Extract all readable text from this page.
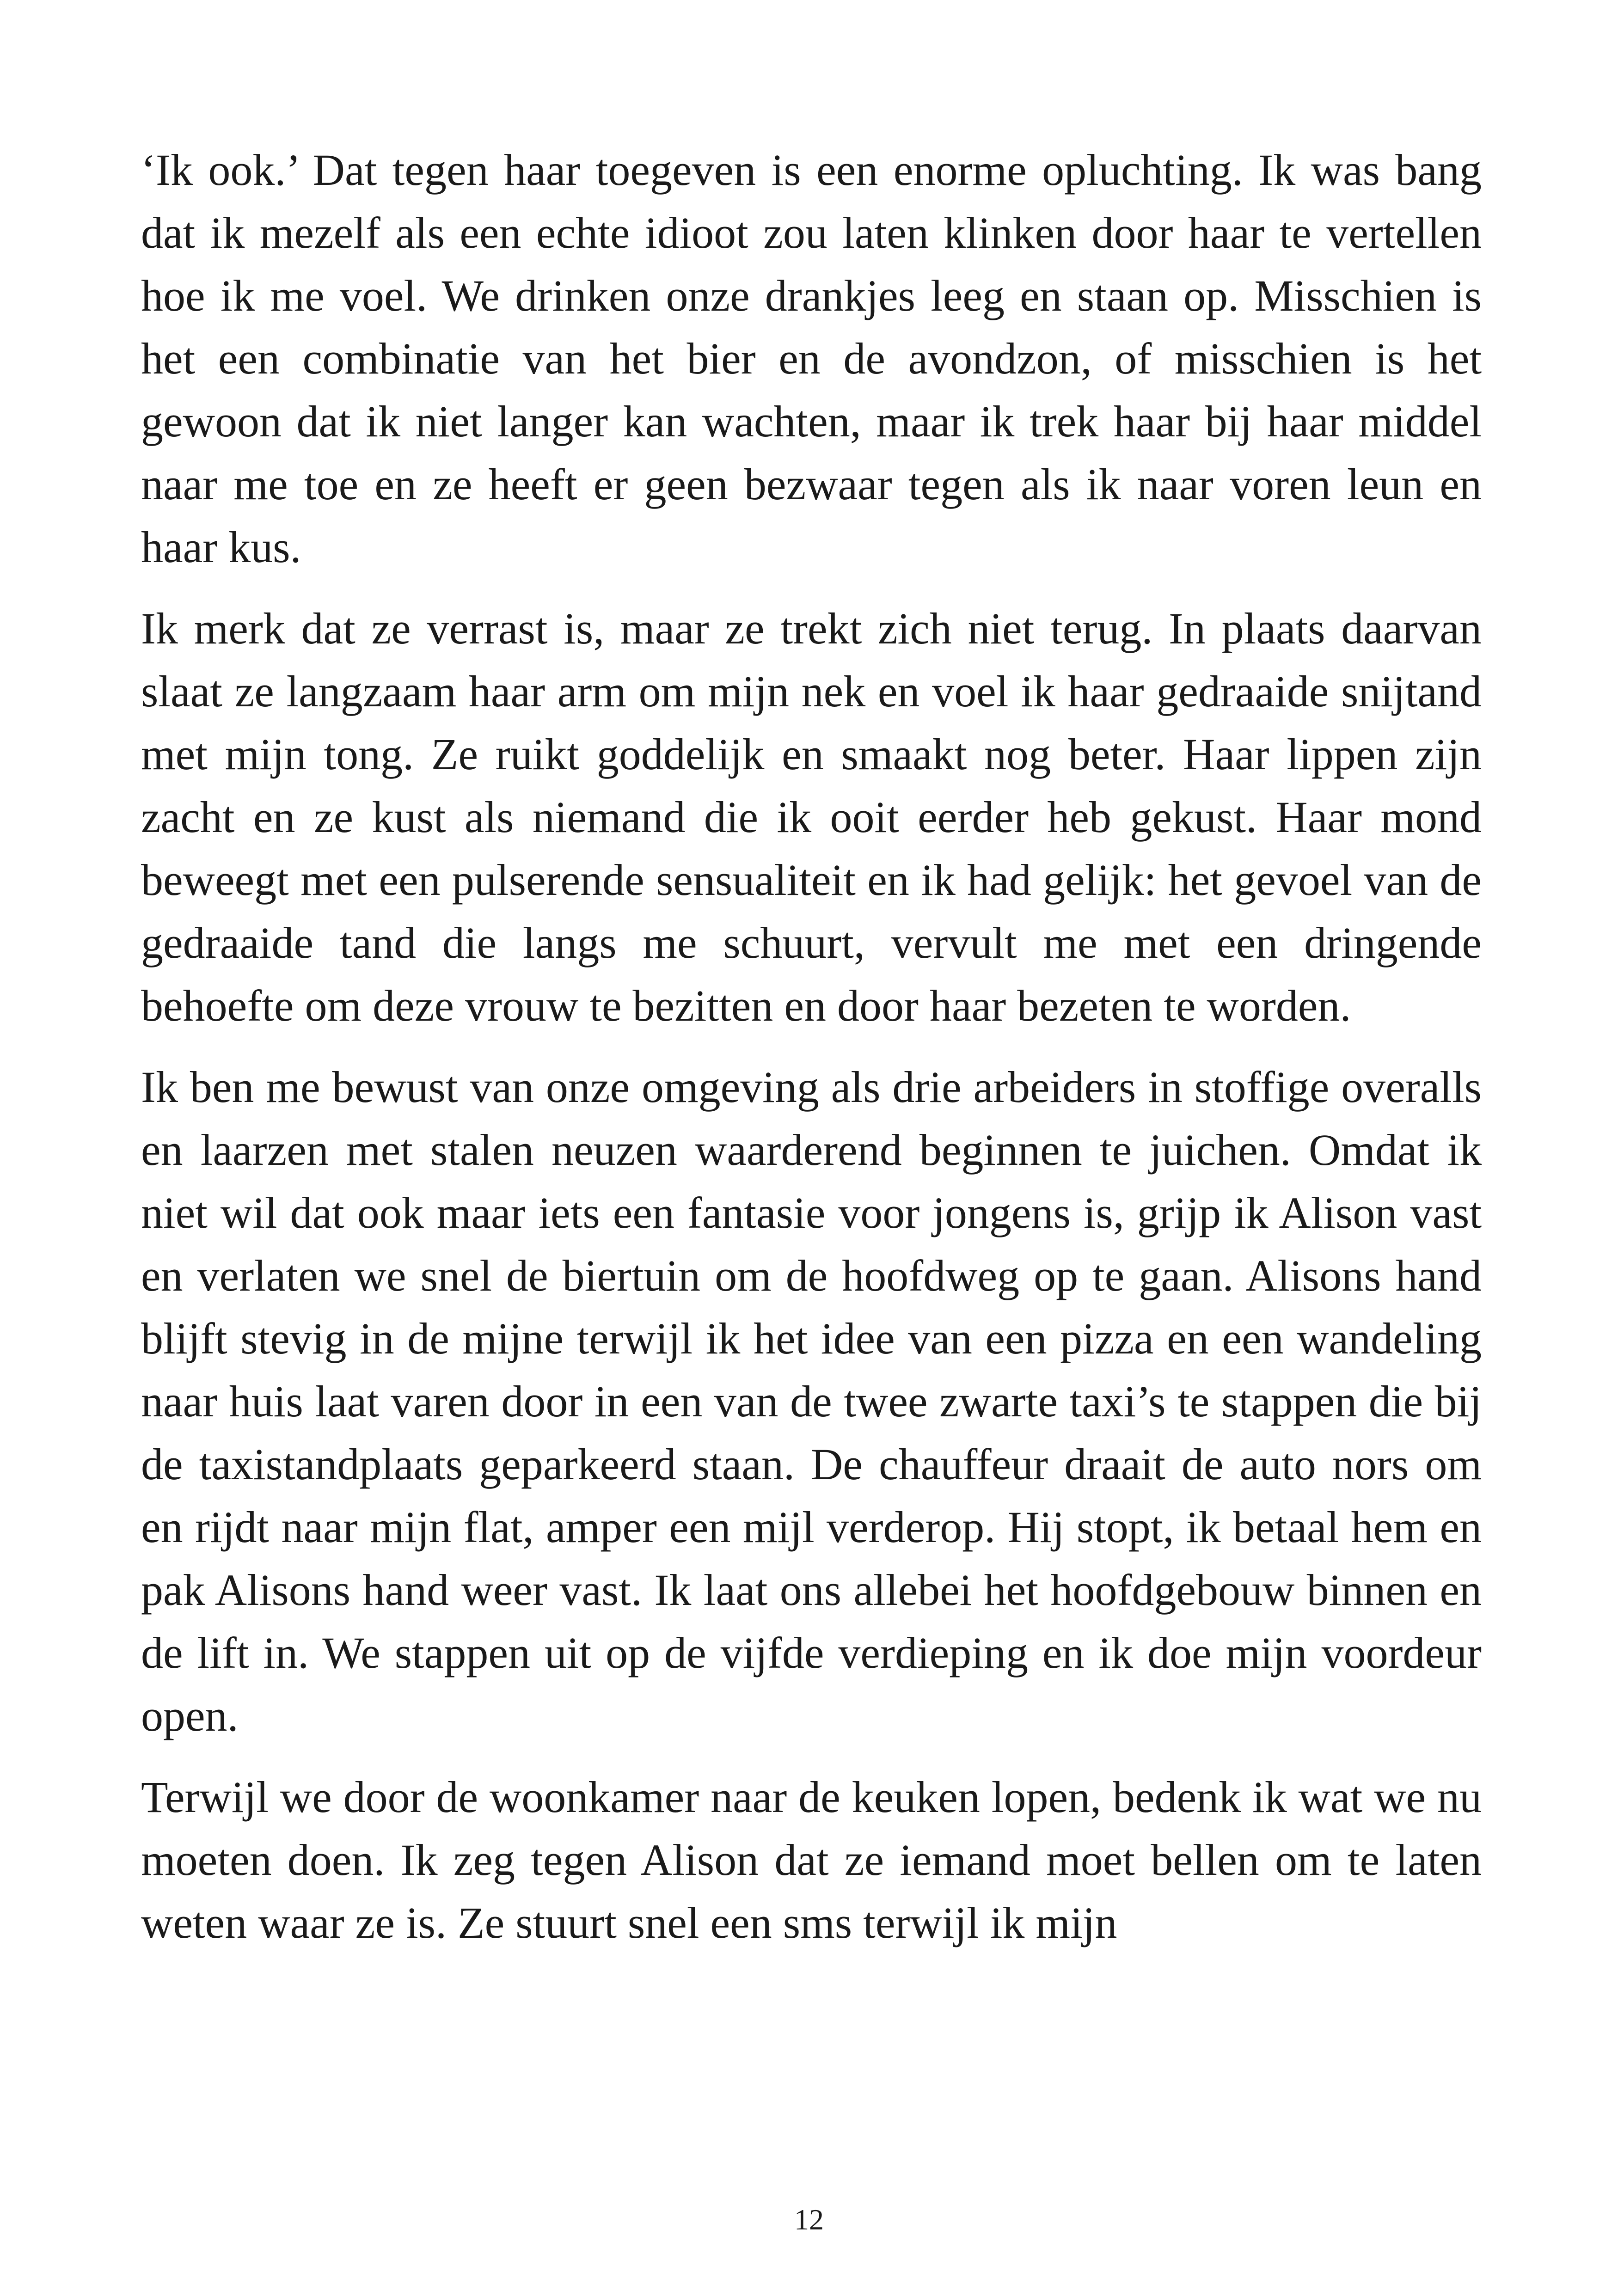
‘Ik ook.’ Dat tegen haar toegeven is een enorme opluchting. Ik was bang dat ik mezelf als een echte idioot zou laten klinken door haar te vertellen hoe ik me voel. We drinken onze drankjes leeg en staan op. Misschien is het een combinatie van het bier en de avondzon, of misschien is het gewoon dat ik niet langer kan wachten, maar ik trek haar bij haar middel naar me toe en ze heeft er geen bezwaar tegen als ik naar voren leun en haar kus.

Ik merk dat ze verrast is, maar ze trekt zich niet terug. In plaats daarvan slaat ze langzaam haar arm om mijn nek en voel ik haar gedraaide snijtand met mijn tong. Ze ruikt goddelijk en smaakt nog beter. Haar lippen zijn zacht en ze kust als niemand die ik ooit eerder heb gekust. Haar mond beweegt met een pulserende sensualiteit en ik had gelijk: het gevoel van de gedraaide tand die langs me schuurt, vervult me met een dringende behoefte om deze vrouw te bezitten en door haar bezeten te worden.

Ik ben me bewust van onze omgeving als drie arbeiders in stoffige overalls en laarzen met stalen neuzen waarderend beginnen te juichen. Omdat ik niet wil dat ook maar iets een fantasie voor jongens is, grijp ik Alison vast en verlaten we snel de biertuin om de hoofdweg op te gaan. Alisons hand blijft stevig in de mijne terwijl ik het idee van een pizza en een wandeling naar huis laat varen door in een van de twee zwarte taxi’s te stappen die bij de taxistandplaats geparkeerd staan. De chauffeur draait de auto nors om en rijdt naar mijn flat, amper een mijl verderop. Hij stopt, ik betaal hem en pak Alisons hand weer vast. Ik laat ons allebei het hoofdgebouw binnen en de lift in. We stappen uit op de vijfde verdieping en ik doe mijn voordeur open.

Terwijl we door de woonkamer naar de keuken lopen, bedenk ik wat we nu moeten doen. Ik zeg tegen Alison dat ze iemand moet bellen om te laten weten waar ze is. Ze stuurt snel een sms terwijl ik mijn

12
